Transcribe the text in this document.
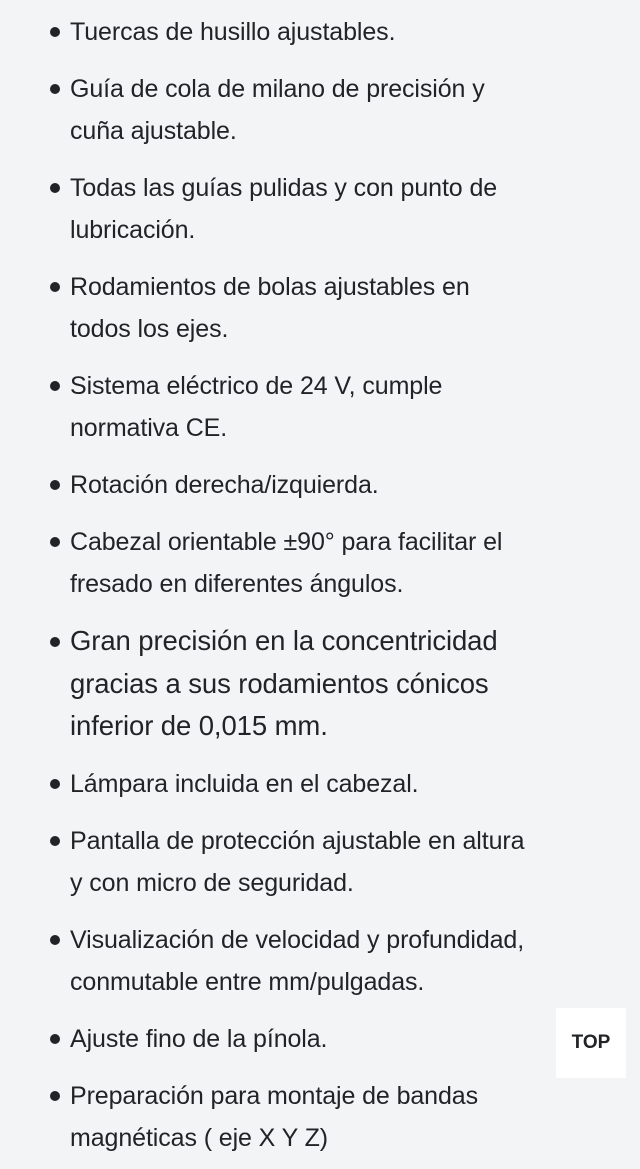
Tuercas de husillo ajustables.
Guía de cola de milano de precisión y
cuña ajustable.
Todas las guías pulidas y con punto de
lubricación.
Rodamientos de bolas ajustables en
todos los ejes.
Sistema eléctrico de 24 V, cumple
normativa CE.
Rotación derecha/izquierda.
Cabezal orientable ±90° para facilitar el
fresado en diferentes ángulos.
Gran precisión en la concentricidad
gracias a sus rodamientos cónicos
inferior de 0,015 mm.
Lámpara incluida en el cabezal.
Pantalla de protección ajustable en altura
y con micro de seguridad.
Visualización de velocidad y profundidad,
conmutable entre mm/pulgadas.
Ajuste fino de la pínola.
Preparación para montaje de bandas
magnéticas ( eje X Y Z)
TOP
